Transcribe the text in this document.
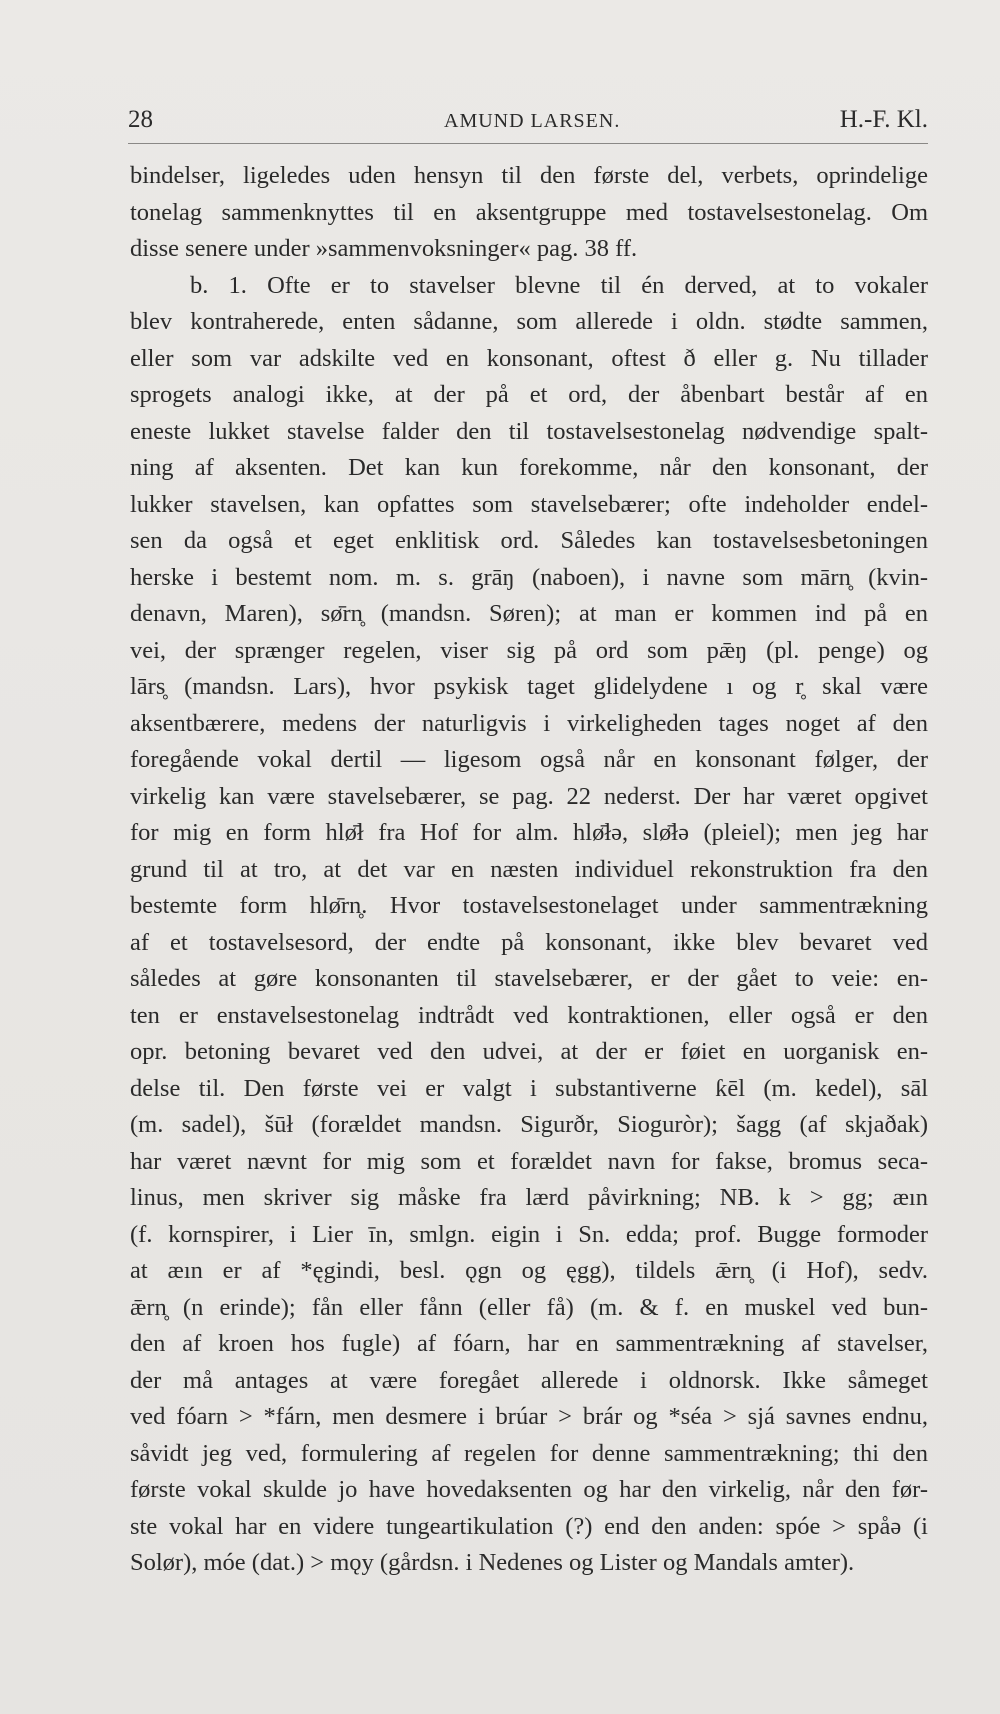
28	AMUND LARSEN.	H.-F. Kl.
bindelser, ligeledes uden hensyn til den første del, verbets, oprindelige
tonelag sammenknyttes til en aksentgruppe med tostavelsestonelag. Om
disse senere under »sammenvoksninger« pag. 38 ff.
b. 1. Ofte er to stavelser blevne til én derved, at to vokaler
blev kontraherede, enten sådanne, som allerede i oldn. stødte sammen,
eller som var adskilte ved en konsonant, oftest ð eller g. Nu tillader
sprogets analogi ikke, at der på et ord, der åbenbart består af en
eneste lukket stavelse falder den til tostavelsestonelag nødvendige spalt-
ning af aksenten. Det kan kun forekomme, når den konsonant, der
lukker stavelsen, kan opfattes som stavelsebærer; ofte indeholder endel-
sen da også et eget enklitisk ord. Således kan tostavelsesbetoningen
herske i bestemt nom. m. s. grāŋ (naboen), i navne som mārn̥ (kvin-
denavn, Maren), sø̄rn̥ (mandsn. Søren); at man er kommen ind på en
vei, der sprænger regelen, viser sig på ord som pǣŋ (pl. penge) og
lārs̥ (mandsn. Lars), hvor psykisk taget glidelydene ı og r̥ skal være
aksentbærere, medens der naturligvis i virkeligheden tages noget af den
foregående vokal dertil — ligesom også når en konsonant følger, der
virkelig kan være stavelsebærer, se pag. 22 nederst. Der har været opgivet
for mig en form hlø̄ł fra Hof for alm. hlø̄łə, slø̄łə (pleiel); men jeg har
grund til at tro, at det var en næsten individuel rekonstruktion fra den
bestemte form hlø̄rn̥. Hvor tostavelsestonelaget under sammentrækning
af et tostavelsesord, der endte på konsonant, ikke blev bevaret ved
således at gøre konsonanten til stavelsebærer, er der gået to veie: en-
ten er enstavelsestonelag indtrådt ved kontraktionen, eller også er den
opr. betoning bevaret ved den udvei, at der er føiet en uorganisk en-
delse til. Den første vei er valgt i substantiverne ƙēl (m. kedel), sāl
(m. sadel), šūł (forældet mandsn. Sigurðr, Sioguròr); šagg (af skjaðak)
har været nævnt for mig som et forældet navn for fakse, bromus seca-
linus, men skriver sig måske fra lærd påvirkning; NB. k > gg; æın
(f. kornspirer, i Lier īn, smlgn. eigin i Sn. edda; prof. Bugge formoder
at æın er af *ęgindi, besl. ǫgn og ęgg), tildels ǣrn̥ (i Hof), sedv.
ǣrn̥ (n erinde); fån eller fånn (eller få) (m. & f. en muskel ved bun-
den af kroen hos fugle) af fóarn, har en sammentrækning af stavelser,
der må antages at være foregået allerede i oldnorsk. Ikke såmeget
ved fóarn > *fárn, men desmere i brúar > brár og *séa > sjá savnes endnu,
såvidt jeg ved, formulering af regelen for denne sammentrækning; thi den
første vokal skulde jo have hovedaksenten og har den virkelig, når den før-
ste vokal har en videre tungeartikulation (?) end den anden: spóe > spåə (i
Solør), móe (dat.) > mǫy (gårdsn. i Nedenes og Lister og Mandals amter).
